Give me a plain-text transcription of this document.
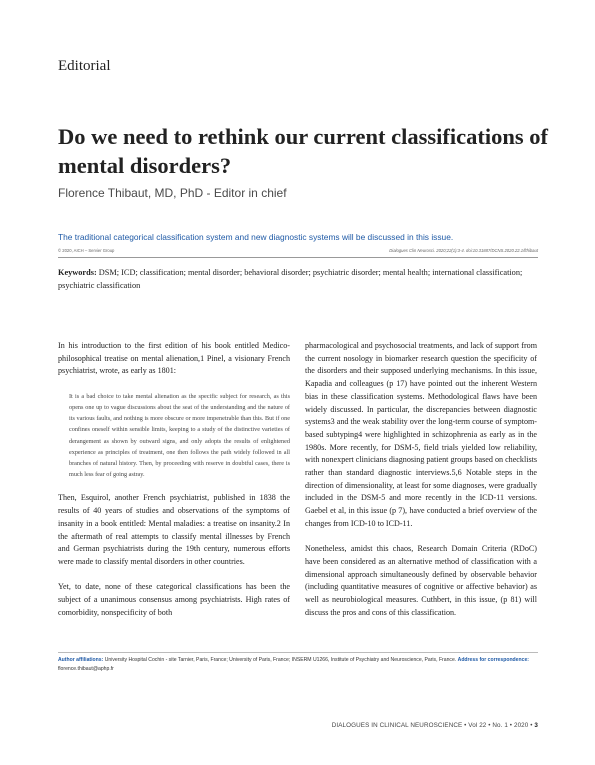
Editorial
Do we need to rethink our current classifications of mental disorders?
Florence Thibaut, MD, PhD - Editor in chief
The traditional categorical classification system and new diagnostic systems will be discussed in this issue.
© 2020, AICH – Servier Group	Dialogues Clin Neurosci. 2020;22(1):3-4. doi:10.31887/DCNS.2020.22.1/fthibaut
Keywords: DSM; ICD; classification; mental disorder; behavioral disorder; psychiatric disorder; mental health; international classification; psychiatric classification

In his introduction to the first edition of his book entitled Medico-philosophical treatise on mental alienation,1 Pinel, a visionary French psychiatrist, wrote, as early as 1801:

It is a bad choice to take mental alienation as the specific subject for research, as this opens one up to vague discussions about the seat of the understanding and the nature of its various faults, and nothing is more obscure or more impenetrable than this. But if one confines oneself within sensible limits, keeping to a study of the distinctive varieties of derangement as shown by outward signs, and only adopts the results of enlightened experience as principles of treatment, one then follows the path widely followed in all branches of natural history. Then, by proceeding with reserve in doubtful cases, there is much less fear of going astray.

Then, Esquirol, another French psychiatrist, published in 1838 the results of 40 years of studies and observations of the symptoms of insanity in a book entitled: Mental maladies: a treatise on insanity.2 In the aftermath of real attempts to classify mental illnesses by French and German psychiatrists during the 19th century, numerous efforts were made to classify mental disorders in other countries.

Yet, to date, none of these categorical classifications has been the subject of a unanimous consensus among psychiatrists. High rates of comorbidity, nonspecificity of both

pharmacological and psychosocial treatments, and lack of support from the current nosology in biomarker research question the specificity of the disorders and their supposed underlying mechanisms. In this issue, Kapadia and colleagues (p 17) have pointed out the inherent Western bias in these classification systems. Methodological flaws have been widely discussed. In particular, the discrepancies between diagnostic systems3 and the weak stability over the long-term course of symptom-based subtyping4 were highlighted in schizophrenia as early as in the 1980s. More recently, for DSM-5, field trials yielded low reliability, with nonexpert clinicians diagnosing patient groups based on checklists rather than standard diagnostic interviews.5,6 Notable steps in the direction of dimensionality, at least for some diagnoses, were gradually included in the DSM-5 and more recently in the ICD-11 versions. Gaebel et al, in this issue (p 7), have conducted a brief overview of the changes from ICD-10 to ICD-11.

Nonetheless, amidst this chaos, Research Domain Criteria (RDoC) have been considered as an alternative method of classification with a dimensional approach simultaneously defined by observable behavior (including quantitative measures of cognitive or affective behavior) as well as neurobiological measures. Cuthbert, in this issue, (p 81) will discuss the pros and cons of this classification.

Author affiliations: University Hospital Cochin - site Tarnier, Paris, France; University of Paris, France; INSERM U1266, Institute of Psychiatry and Neuroscience, Paris, France. Address for correspondence: florence.thibaut@aphp.fr
DIALOGUES IN CLINICAL NEUROSCIENCE • Vol 22 • No. 1 • 2020 • 3
